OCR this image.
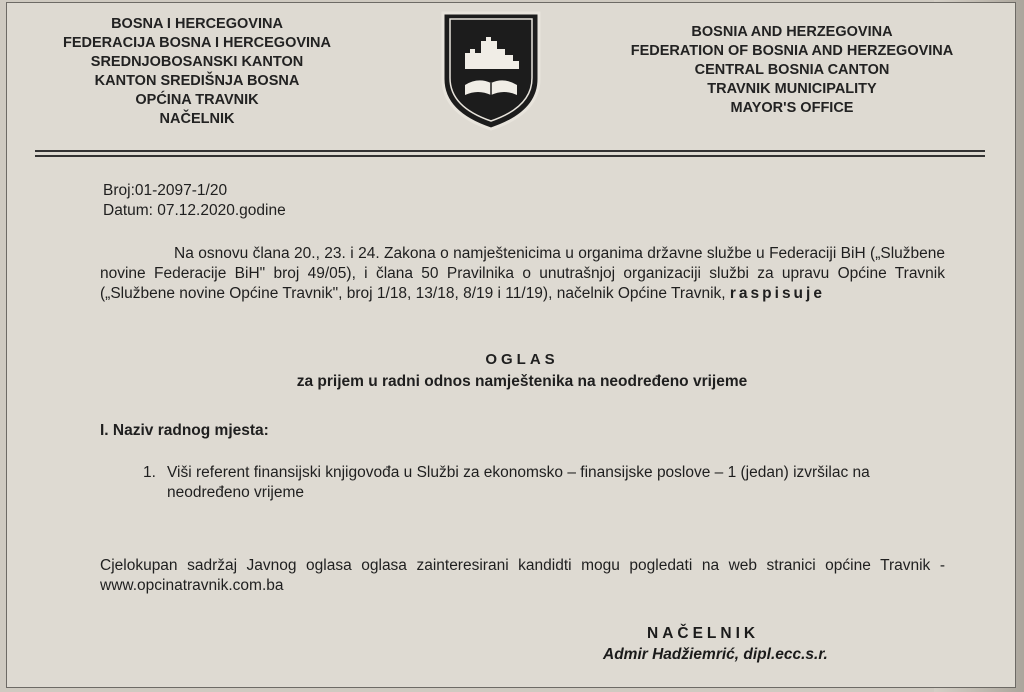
BOSNA I HERCEGOVINA
FEDERACIJA BOSNA I HERCEGOVINA
SREDNJOBOSANSKI KANTON
KANTON SREDIŠNJA BOSNA
OPĆINA TRAVNIK
NAČELNIK
BOSNIA AND HERZEGOVINA
FEDERATION OF BOSNIA AND HERZEGOVINA
CENTRAL BOSNIA CANTON
TRAVNIK MUNICIPALITY
MAYOR'S OFFICE
Broj:01-2097-1/20
Datum: 07.12.2020.godine
Na osnovu člana 20., 23. i 24. Zakona o namještenicima u organima državne službe u Federaciji BiH („Službene novine Federacije BiH" broj 49/05), i člana 50 Pravilnika o unutrašnjoj organizaciji službi za upravu Općine Travnik („Službene novine Općine Travnik", broj 1/18, 13/18, 8/19 i 11/19), načelnik Općine Travnik, raspisuje
OGLAS
za prijem u radni odnos namještenika na neodređeno vrijeme
I. Naziv radnog mjesta:
1. Viši referent finansijski knjigovođa u Službi za ekonomsko – finansijske poslove – 1 (jedan) izvršilac na neodređeno vrijeme
Cjelokupan sadržaj Javnog oglasa oglasa zainteresirani kandidti mogu pogledati na web stranici općine Travnik - www.opcinatravnik.com.ba
NAČELNIK
Admir Hadžiemrić, dipl.ecc.s.r.
